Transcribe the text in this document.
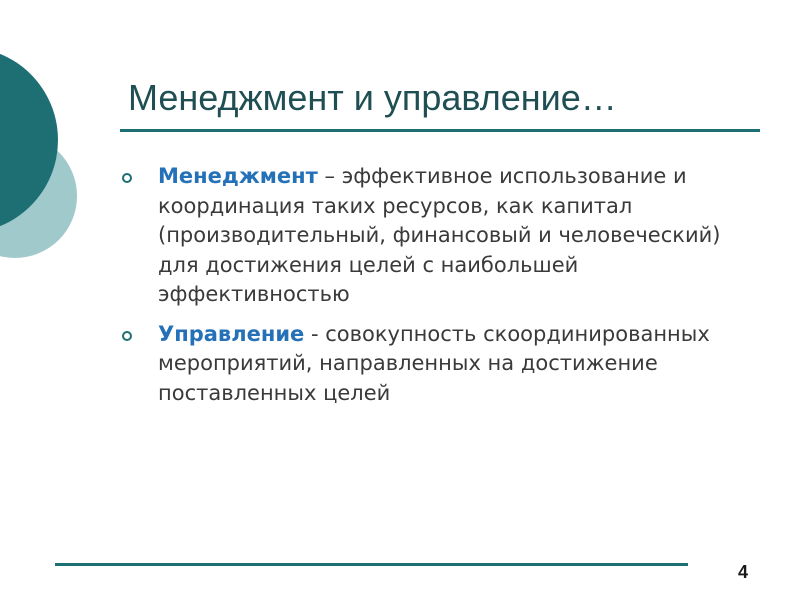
Менеджмент и управление…
Менеджмент – эффективное использование и координация таких ресурсов, как капитал (производительный, финансовый и человеческий) для достижения целей с наибольшей эффективностью
Управление - совокупность скоординированных мероприятий, направленных на достижение поставленных целей
4
